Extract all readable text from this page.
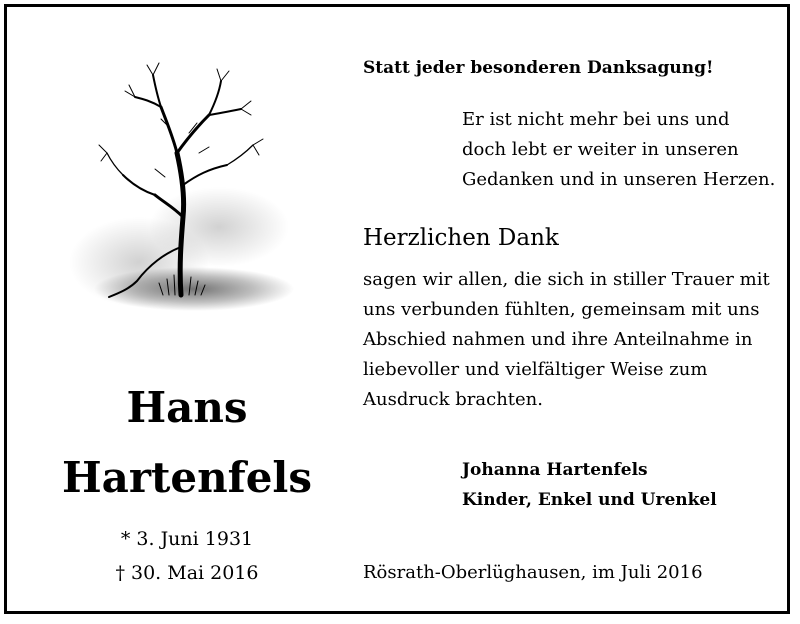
Hans
Hartenfels
* 3. Juni 1931
† 30. Mai 2016
Statt jeder besonderen Danksagung!
Er ist nicht mehr bei uns und
doch lebt er weiter in unseren
Gedanken und in unseren Herzen.
Herzlichen Dank
sagen wir allen, die sich in stiller Trauer mit
uns verbunden fühlten, gemeinsam mit uns
Abschied nahmen und ihre Anteilnahme in
liebevoller und vielfältiger Weise zum
Ausdruck brachten.
Johanna Hartenfels
Kinder, Enkel und Urenkel
Rösrath-Oberlüghausen, im Juli 2016
